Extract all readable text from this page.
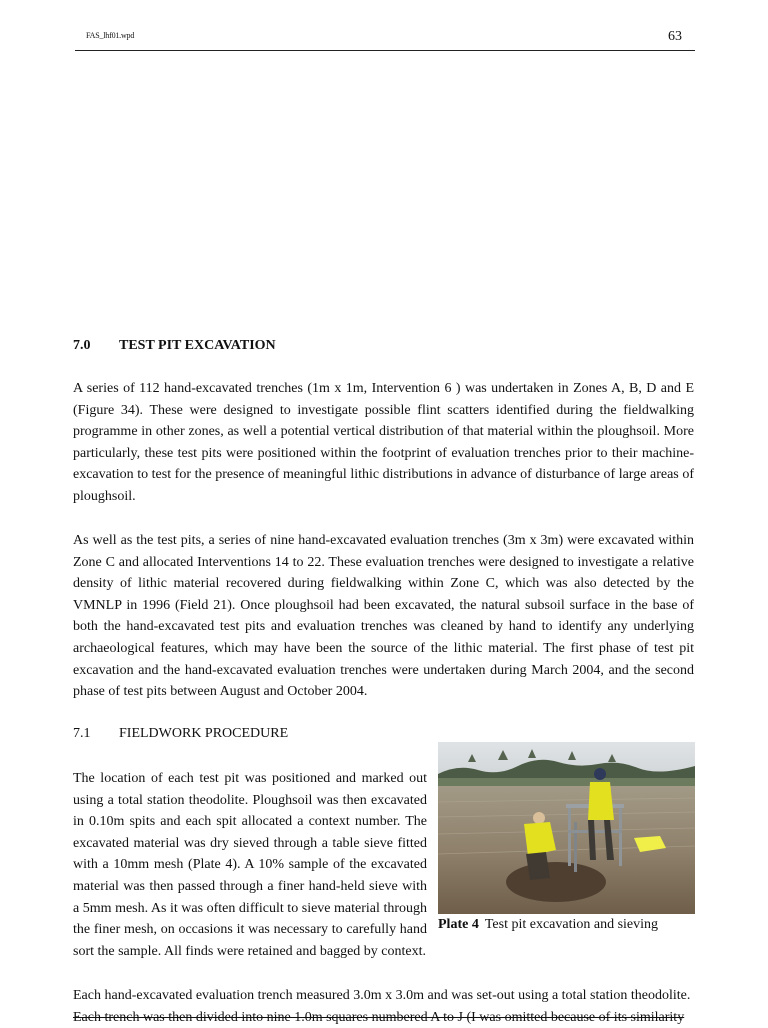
FAS_lhf01.wpd	63
7.0 TEST PIT EXCAVATION

A series of 112 hand-excavated trenches (1m x 1m, Intervention 6 ) was undertaken in Zones A, B, D and E (Figure 34). These were designed to investigate possible flint scatters identified during the fieldwalking programme in other zones, as well a potential vertical distribution of that material within the ploughsoil. More particularly, these test pits were positioned within the footprint of evaluation trenches prior to their machine-excavation to test for the presence of meaningful lithic distributions in advance of disturbance of large areas of ploughsoil.

As well as the test pits, a series of nine hand-excavated evaluation trenches (3m x 3m) were excavated within Zone C and allocated Interventions 14 to 22. These evaluation trenches were designed to investigate a relative density of lithic material recovered during fieldwalking within Zone C, which was also detected by the VMNLP in 1996 (Field 21). Once ploughsoil had been excavated, the natural subsoil surface in the base of both the hand-excavated test pits and evaluation trenches was cleaned by hand to identify any underlying archaeological features, which may have been the source of the lithic material. The first phase of test pit excavation and the hand-excavated evaluation trenches were undertaken during March 2004, and the second phase of test pits between August and October 2004.

7.1 FIELDWORK PROCEDURE

The location of each test pit was positioned and marked out using a total station theodolite. Ploughsoil was then excavated in 0.10m spits and each spit allocated a context number. The excavated material was dry sieved through a table sieve fitted with a 10mm mesh (Plate 4). A 10% sample of the excavated material was then passed through a finer hand-held sieve with a 5mm mesh. As it was often difficult to sieve material through the finer mesh, on occasions it was necessary to carefully hand sort the sample. All finds were retained and bagged by context.

Plate 4 Test pit excavation and sieving
Each hand-excavated evaluation trench measured 3.0m x 3.0m and was set-out using a total station theodolite.
Each trench was then divided into nine 1.0m squares numbered A to J (I was omitted because of its similarity
